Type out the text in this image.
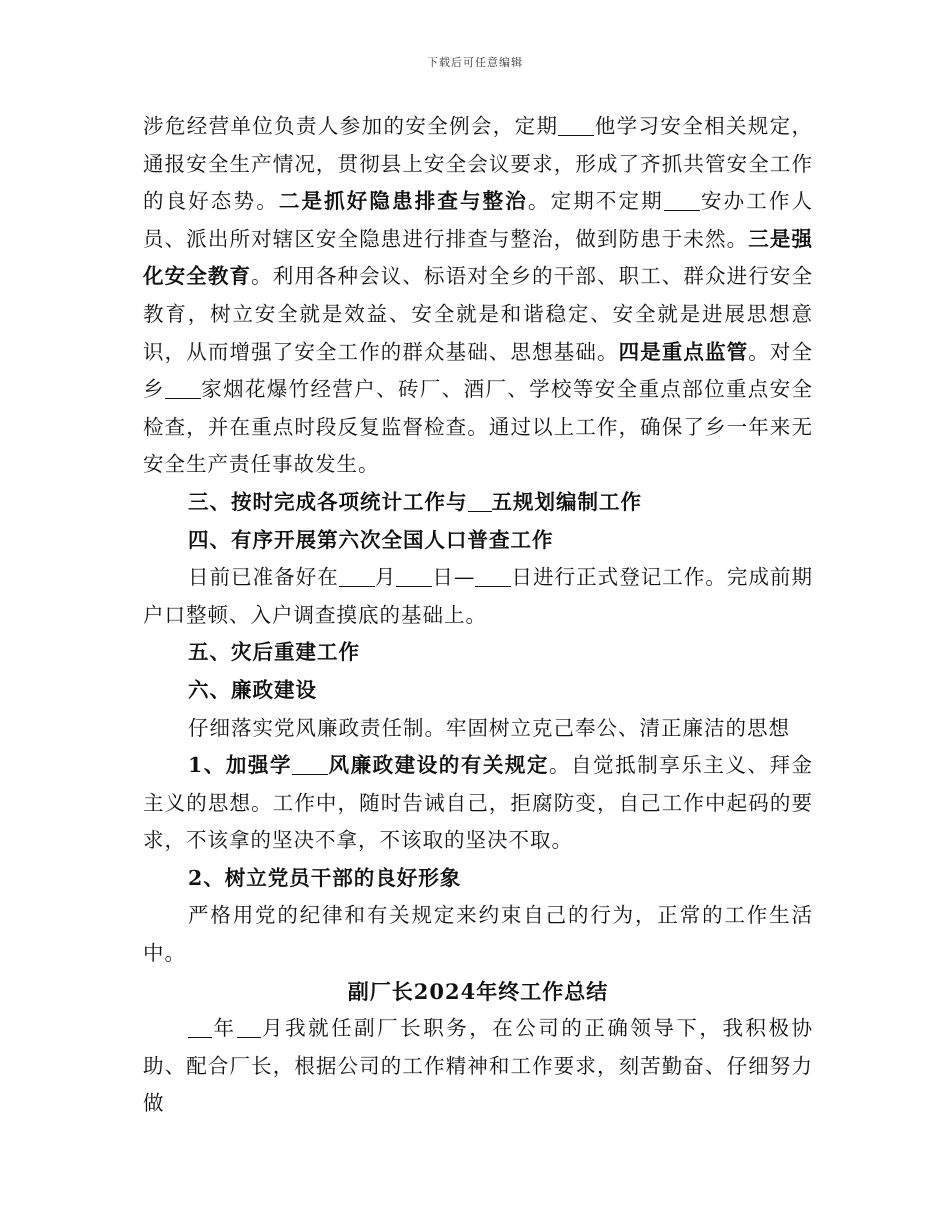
下载后可任意编辑

涉危经营单位负责人参加的安全例会，定期 他学习安全相关规定，通报安全生产情况，贯彻县上安全会议要求，形成了齐抓共管安全工作的良好态势。二是抓好隐患排查与整治。定期不定期 安办工作人员、派出所对辖区安全隐患进行排查与整治，做到防患于未然。三是强化安全教育。利用各种会议、标语对全乡的干部、职工、群众进行安全教育，树立安全就是效益、安全就是和谐稳定、安全就是进展思想意识，从而增强了安全工作的群众基础、思想基础。四是重点监管。对全乡 家烟花爆竹经营户、砖厂、酒厂、学校等安全重点部位重点安全检查，并在重点时段反复监督检查。通过以上工作，确保了乡一年来无安全生产责任事故发生。

三、按时完成各项统计工作与 五规划编制工作

四、有序开展第六次全国人口普查工作

日前已准备好在 月 日— 日进行正式登记工作。完成前期户口整顿、入户调查摸底的基础上。

五、灾后重建工作

六、廉政建设

仔细落实党风廉政责任制。牢固树立克己奉公、清正廉洁的思想

1、加强学 风廉政建设的有关规定。自觉抵制享乐主义、拜金主义的思想。工作中，随时告诫自己，拒腐防变，自己工作中起码的要求，不该拿的坚决不拿，不该取的坚决不取。

2、树立党员干部的良好形象

严格用党的纪律和有关规定来约束自己的行为，正常的工作生活中。

副厂长2024年终工作总结

年 月我就任副厂长职务，在公司的正确领导下，我积极协助、配合厂长，根据公司的工作精神和工作要求，刻苦勤奋、仔细努力做
